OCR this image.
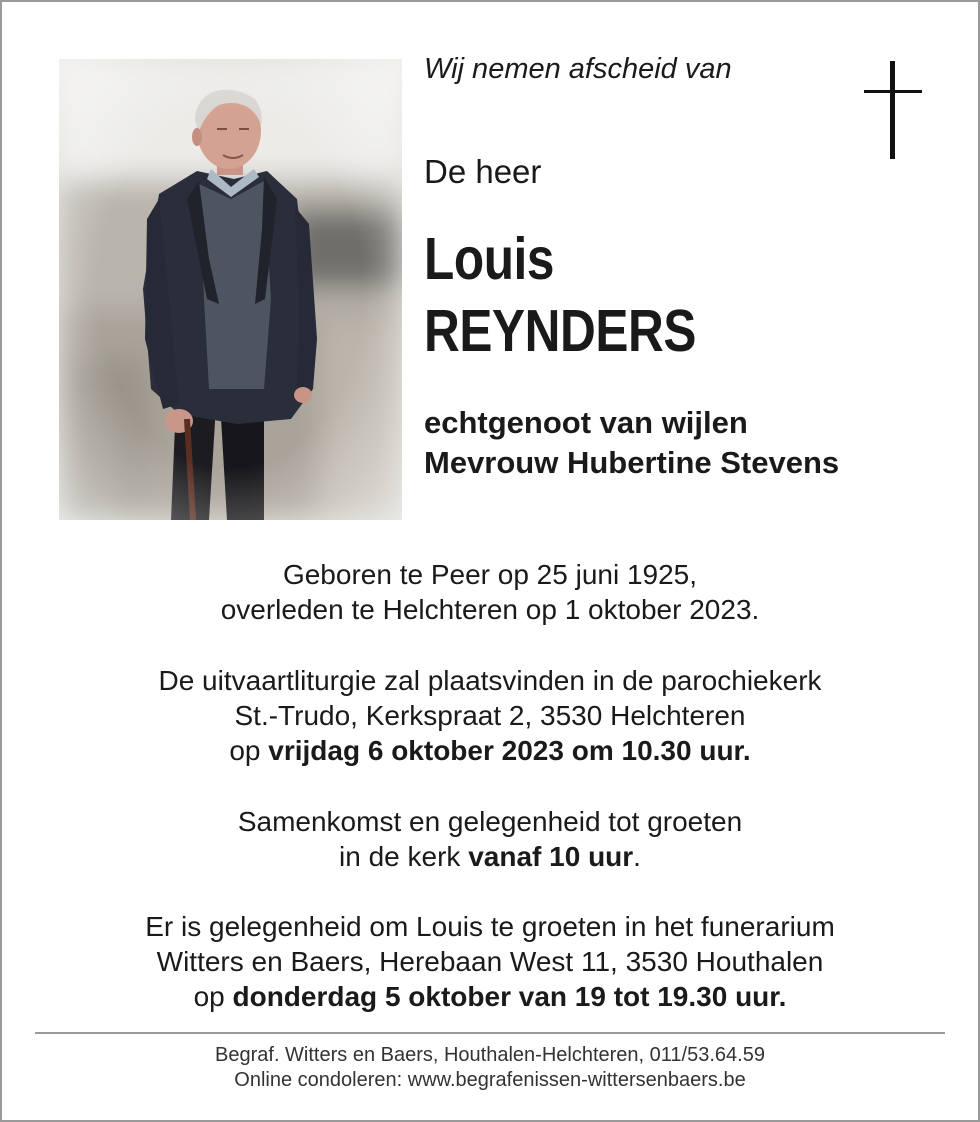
Wij nemen afscheid van
De heer
Louis
REYNDERS
echtgenoot van wijlen
Mevrouw Hubertine Stevens
Geboren te Peer op 25 juni 1925,
overleden te Helchteren op 1 oktober 2023.
De uitvaartliturgie zal plaatsvinden in de parochiekerk
St.-Trudo, Kerkspraat 2, 3530 Helchteren
op vrijdag 6 oktober 2023 om 10.30 uur.
Samenkomst en gelegenheid tot groeten
in de kerk vanaf 10 uur.
Er is gelegenheid om Louis te groeten in het funerarium
Witters en Baers, Herebaan West 11, 3530 Houthalen
op donderdag 5 oktober van 19 tot 19.30 uur.
Begraf. Witters en Baers, Houthalen-Helchteren, 011/53.64.59
Online condoleren: www.begrafenissen-wittersenbaers.be
